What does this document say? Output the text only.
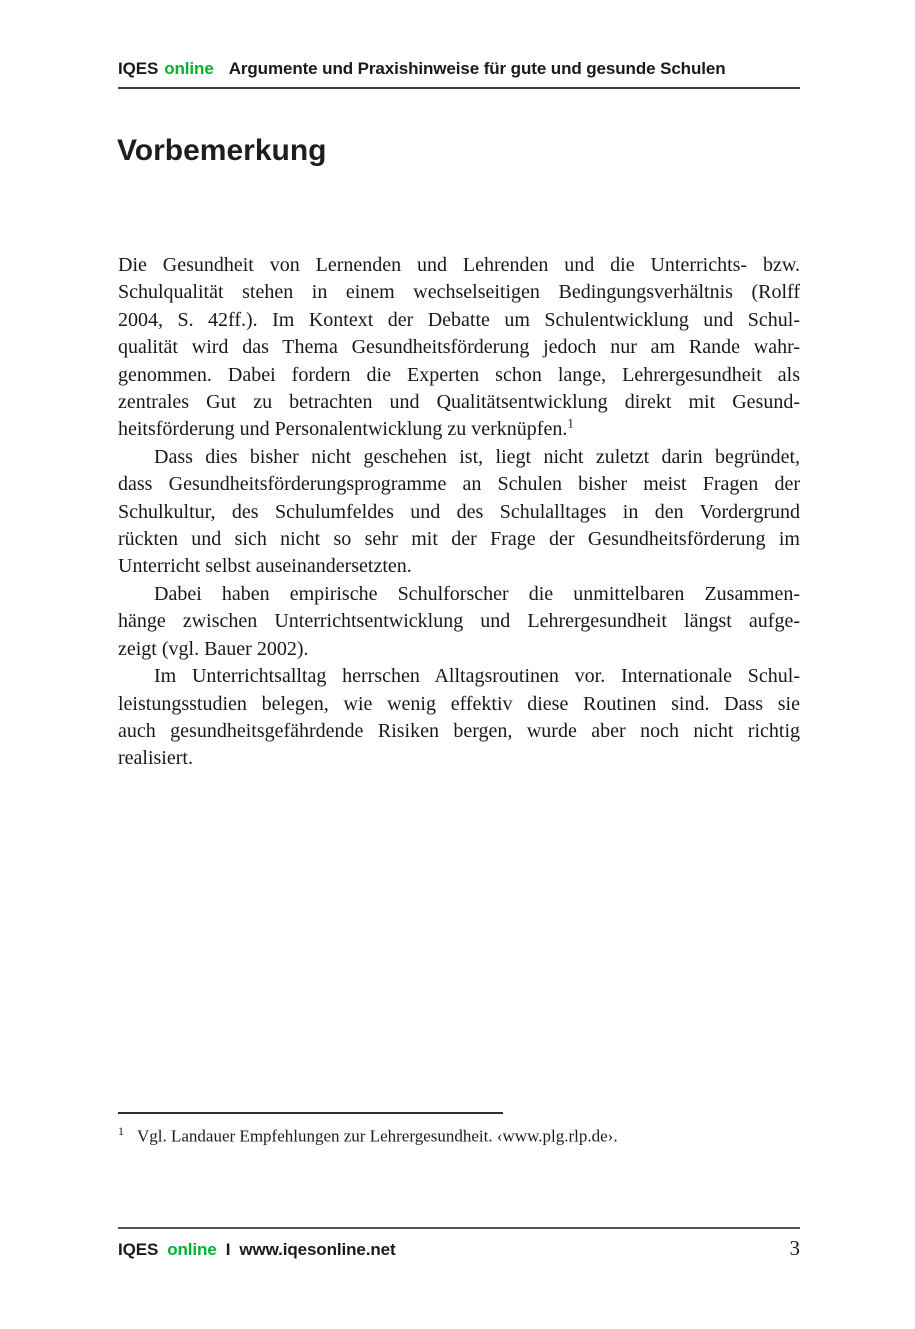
IQES online Argumente und Praxishinweise für gute und gesunde Schulen
Vorbemerkung
Die Gesundheit von Lernenden und Lehrenden und die Unterrichts- bzw.
Schulqualität stehen in einem wechselseitigen Bedingungsverhältnis (Rolff
2004, S. 42ff.). Im Kontext der Debatte um Schulentwicklung und Schul-
qualität wird das Thema Gesundheitsförderung jedoch nur am Rande wahr-
genommen. Dabei fordern die Experten schon lange, Lehrergesundheit als
zentrales Gut zu betrachten und Qualitätsentwicklung direkt mit Gesund-
heitsförderung und Personalentwicklung zu verknüpfen.$^1$
Dass dies bisher nicht geschehen ist, liegt nicht zuletzt darin begründet,
dass Gesundheitsförderungsprogramme an Schulen bisher meist Fragen der
Schulkultur, des Schulumfeldes und des Schulalltages in den Vordergrund
rückten und sich nicht so sehr mit der Frage der Gesundheitsförderung im
Unterricht selbst auseinandersetzten.
Dabei haben empirische Schulforscher die unmittelbaren Zusammen-
hänge zwischen Unterrichtsentwicklung und Lehrergesundheit längst aufge-
zeigt (vgl. Bauer 2002).
Im Unterrichtsalltag herrschen Alltagsroutinen vor. Internationale Schul-
leistungsstudien belegen, wie wenig effektiv diese Routinen sind. Dass sie
auch gesundheitsgefährdende Risiken bergen, wurde aber noch nicht richtig
realisiert.
$^1$ Vgl. Landauer Empfehlungen zur Lehrergesundheit. ‹www.plg.rlp.de›.
IQES online I www.iqesonline.net	3
